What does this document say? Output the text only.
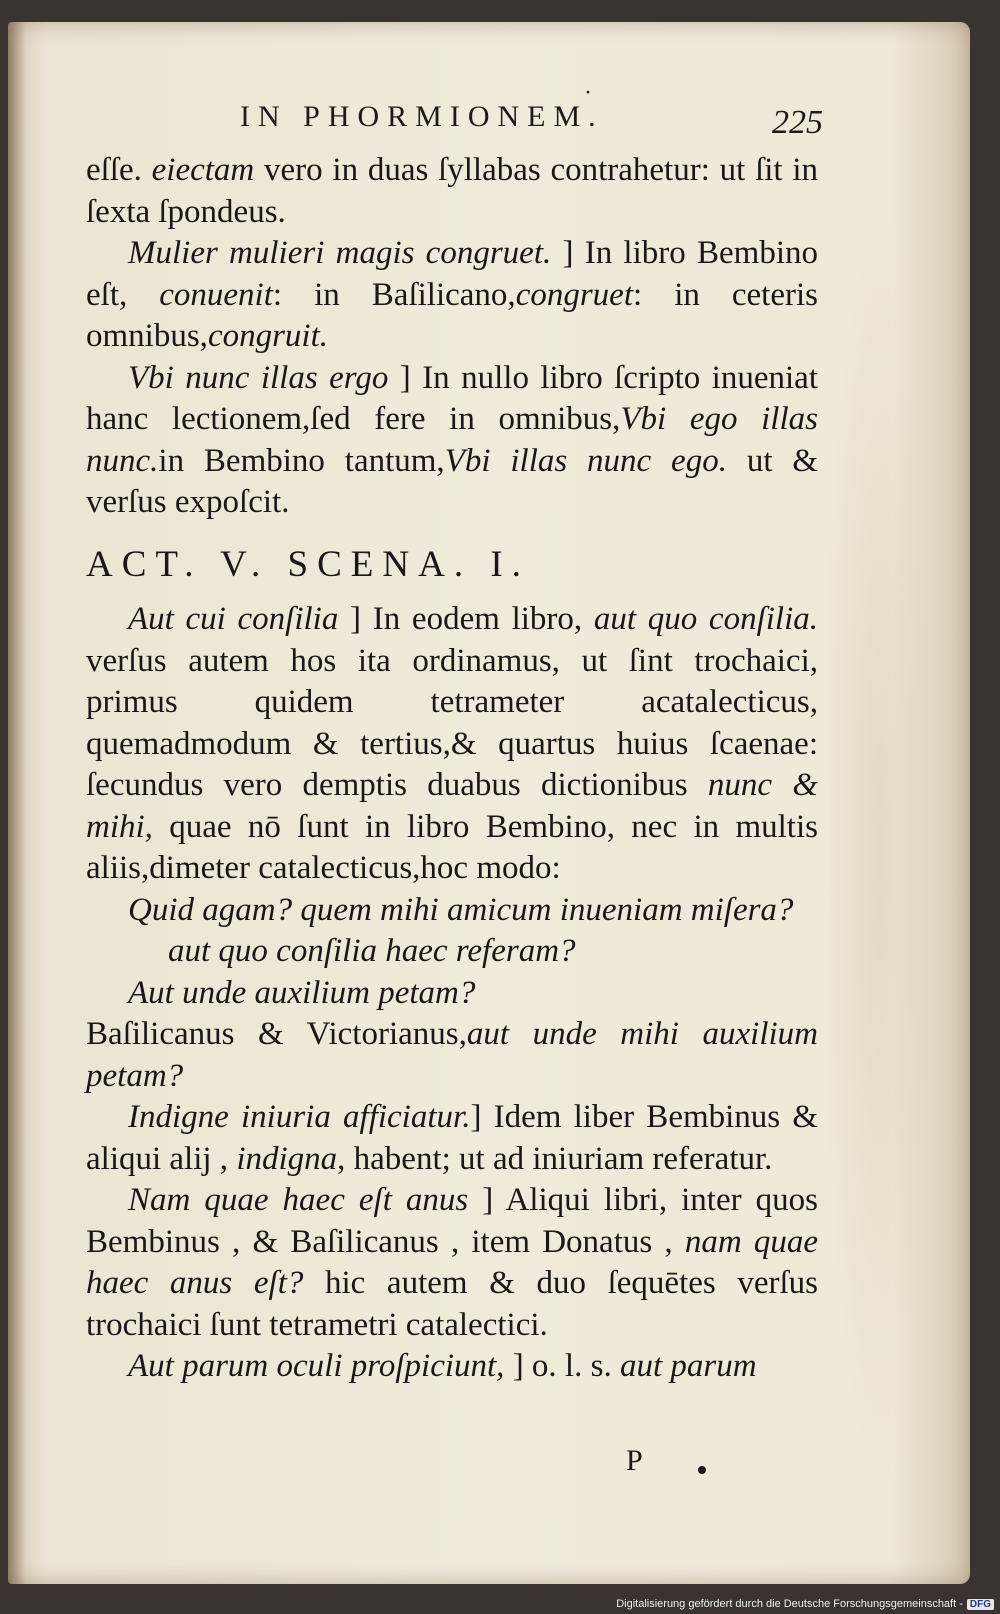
·
IN PHORMIONEM.	225

eſſe. eiectam vero in duas ſyllabas contrahetur: ut ſit in ſexta ſpondeus.

Mulier mulieri magis congruet. ] In libro Bembino eſt, conuenit: in Baſilicano,congruet: in ceteris omnibus,congruit.

Vbi nunc illas ergo ] In nullo libro ſcripto inueniat hanc lectionem,ſed fere in omnibus,Vbi ego illas nunc.in Bembino tantum,Vbi illas nunc ego. ut & verſus expoſcit.

ACT. V. SCENA. I.

Aut cui conſilia ] In eodem libro, aut quo conſilia. verſus autem hos ita ordinamus, ut ſint trochaici, primus quidem tetrameter acatalecticus, quemadmodum & tertius,& quartus huius ſcaenae: ſecundus vero demptis duabus dictionibus nunc & mihi, quae nō ſunt in libro Bembino, nec in multis aliis,dimeter catalecticus,hoc modo:

Quid agam? quem mihi amicum inueniam miſera?

aut quo conſilia haec referam?

Aut unde auxilium petam?

Baſilicanus & Victorianus,aut unde mihi auxilium petam?

Indigne iniuria afficiatur.] Idem liber Bembinus & aliqui alij , indigna, habent; ut ad iniuriam referatur.

Nam quae haec eſt anus ] Aliqui libri, inter quos Bembinus , & Baſilicanus , item Donatus , nam quae haec anus eſt? hic autem & duo ſequētes verſus trochaici ſunt tetrametri catalectici.

Aut parum oculi proſpiciunt, ] o. l. s. aut parum

P
Digitalisierung gefördert durch die Deutsche Forschungsgemeinschaft - DFG
